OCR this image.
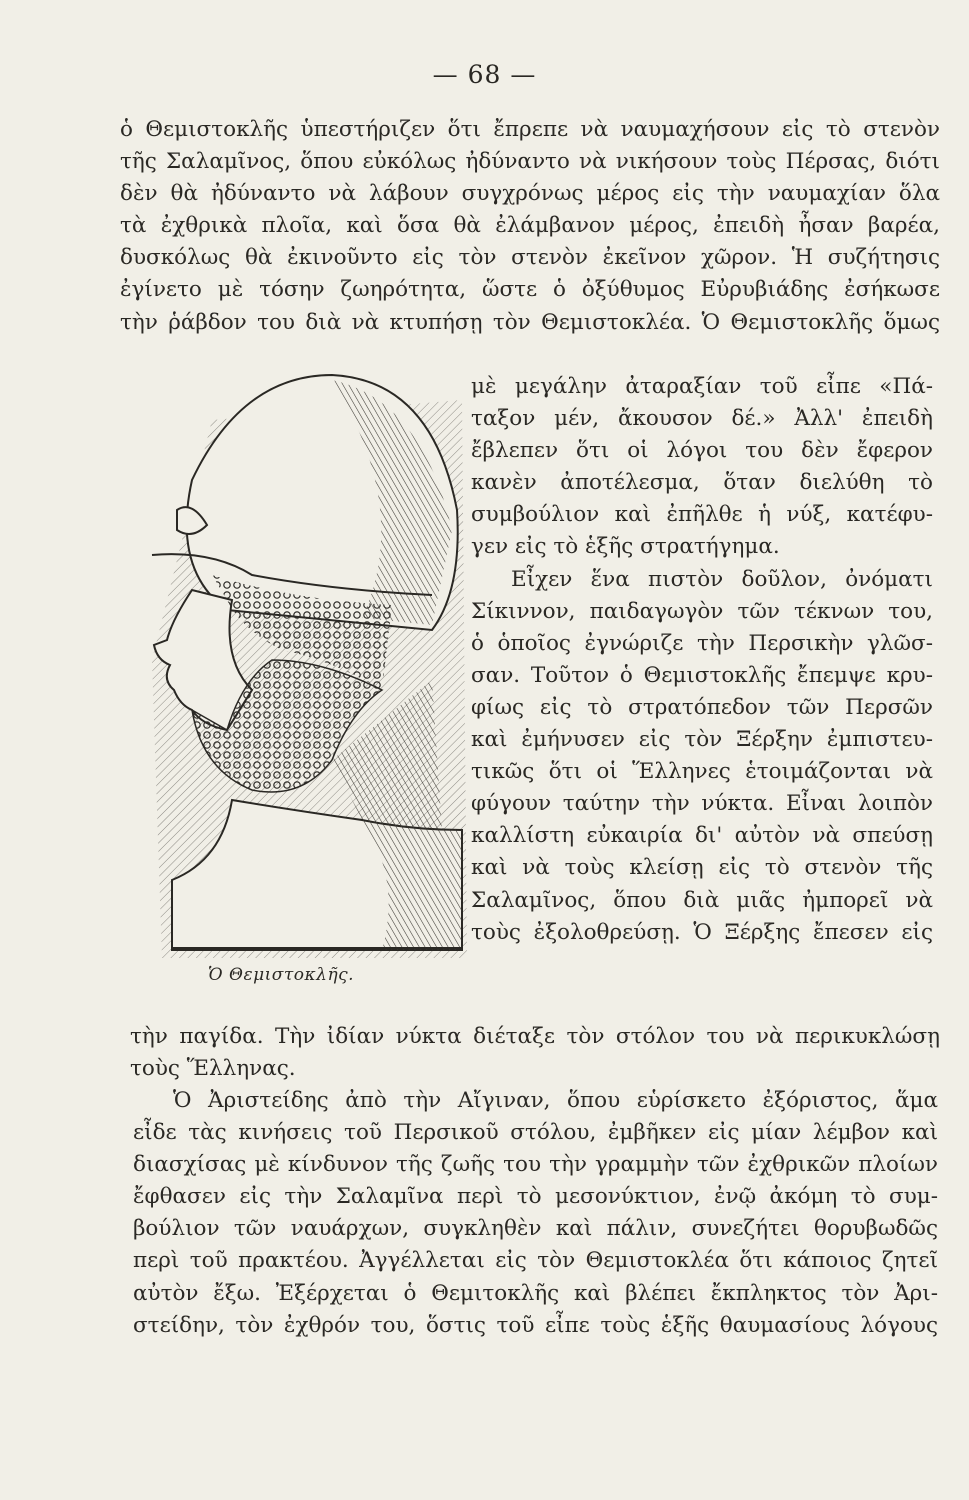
— 68 —
ὁ Θεμιστοκλῆς ὑπεστήριζεν ὅτι ἔπρεπε νὰ ναυμαχήσουν εἰς τὸ στενὸν
τῆς Σαλαμῖνος, ὅπου εὐκόλως ἠδύναντο νὰ νικήσουν τοὺς Πέρσας, διότι
δὲν θὰ ἠδύναντο νὰ λάβουν συγχρόνως μέρος εἰς τὴν ναυμαχίαν ὅλα
τὰ ἐχθρικὰ πλοῖα, καὶ ὅσα θὰ ἐλάμβανον μέρος, ἐπειδὴ ἦσαν βαρέα,
δυσκόλως θὰ ἐκινοῦντο εἰς τὸν στενὸν ἐκεῖνον χῶρον. Ἡ συζήτησις
ἐγίνετο μὲ τόσην ζωηρότητα, ὥστε ὁ ὀξύθυμος Εὐρυβιάδης ἐσήκωσε
τὴν ῥάβδον του διὰ νὰ κτυπήσῃ τὸν Θεμιστοκλέα. Ὁ Θεμιστοκλῆς ὅμως
Ὁ Θεμιστοκλῆς.
μὲ μεγάλην ἀταραξίαν τοῦ εἶπε «Πά-
ταξον μέν, ἄκουσον δέ.» Ἀλλ' ἐπειδὴ
ἔβλεπεν ὅτι οἱ λόγοι του δὲν ἔφερον
κανὲν ἀποτέλεσμα, ὅταν διελύθη τὸ
συμβούλιον καὶ ἐπῆλθε ἡ νύξ, κατέφυ-
γεν εἰς τὸ ἑξῆς στρατήγημα.
Εἶχεν ἕνα πιστὸν δοῦλον, ὀνόματι
Σίκιννον, παιδαγωγὸν τῶν τέκνων του,
ὁ ὁποῖος ἐγνώριζε τὴν Περσικὴν γλῶσ-
σαν. Τοῦτον ὁ Θεμιστοκλῆς ἔπεμψε κρυ-
φίως εἰς τὸ στρατόπεδον τῶν Περσῶν
καὶ ἐμήνυσεν εἰς τὸν Ξέρξην ἐμπιστευ-
τικῶς ὅτι οἱ Ἕλληνες ἑτοιμάζονται νὰ
φύγουν ταύτην τὴν νύκτα. Εἶναι λοιπὸν
καλλίστη εὐκαιρία δι' αὐτὸν νὰ σπεύσῃ
καὶ νὰ τοὺς κλείσῃ εἰς τὸ στενὸν τῆς
Σαλαμῖνος, ὅπου διὰ μιᾶς ἠμπορεῖ νὰ
τοὺς ἐξολοθρεύσῃ. Ὁ Ξέρξης ἔπεσεν εἰς
τὴν παγίδα. Τὴν ἰδίαν νύκτα διέταξε τὸν στόλον του νὰ περικυκλώσῃ
τοὺς Ἕλληνας.
Ὁ Ἀριστείδης ἀπὸ τὴν Αἴγιναν, ὅπου εὑρίσκετο ἐξόριστος, ἅμα
εἶδε τὰς κινήσεις τοῦ Περσικοῦ στόλου, ἐμβῆκεν εἰς μίαν λέμβον καὶ
διασχίσας μὲ κίνδυνον τῆς ζωῆς του τὴν γραμμὴν τῶν ἐχθρικῶν πλοίων
ἔφθασεν εἰς τὴν Σαλαμῖνα περὶ τὸ μεσονύκτιον, ἐνῷ ἀκόμη τὸ συμ-
βούλιον τῶν ναυάρχων, συγκληθὲν καὶ πάλιν, συνεζήτει θορυβωδῶς
περὶ τοῦ πρακτέου. Ἀγγέλλεται εἰς τὸν Θεμιστοκλέα ὅτι κάποιος ζητεῖ
αὐτὸν ἔξω. Ἐξέρχεται ὁ Θεμιτοκλῆς καὶ βλέπει ἔκπληκτος τὸν Ἀρι-
στείδην, τὸν ἐχθρόν του, ὅστις τοῦ εἶπε τοὺς ἑξῆς θαυμασίους λόγους
